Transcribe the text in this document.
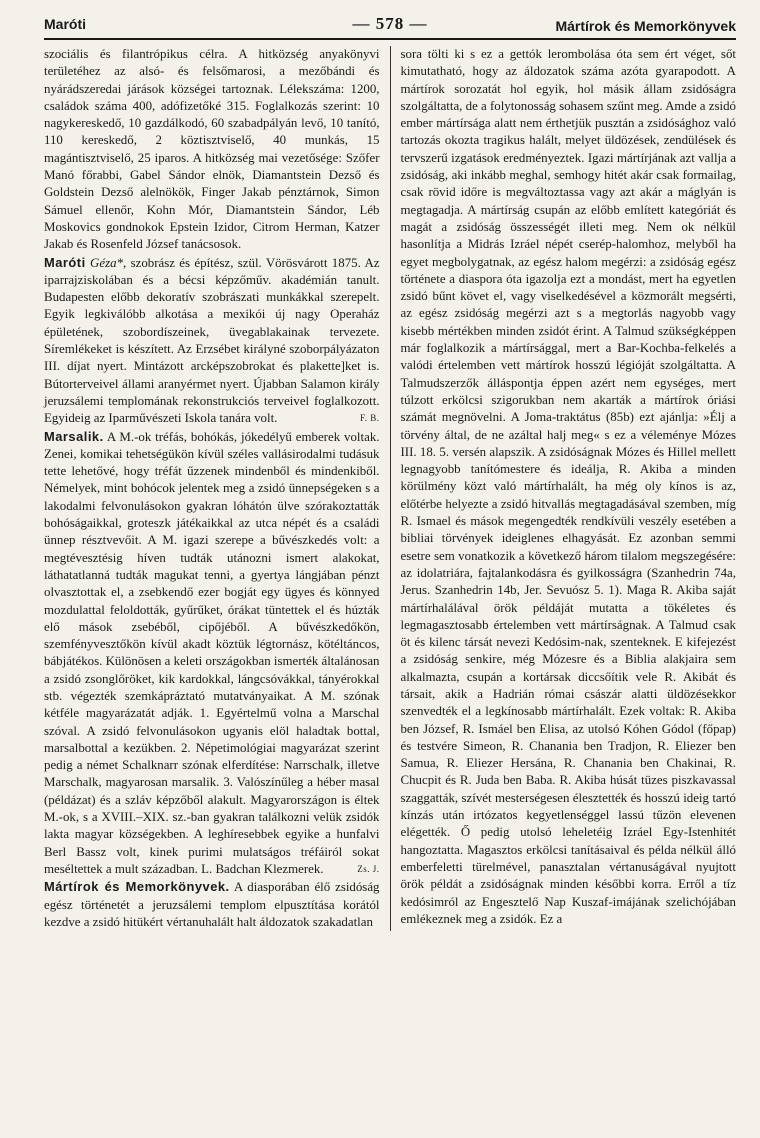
Maróti	— 578 —	Mártírok és Memorkönyvek

szociális és filantrópikus célra. A hitközség anyakönyvi területéhez az alsó- és felsőmarosi, a mezőbándi és nyárádszeredai járások községei tartoznak. Lélekszáma: 1200, családok száma 400, adófizetőké 315. Foglalkozás szerint: 10 nagykereskedő, 10 gazdálkodó, 60 szabadpályán levő, 10 tanító, 110 kereskedő, 2 köztisztviselő, 40 munkás, 15 magántisztviselő, 25 iparos. A hitközség mai vezetősége: Szőfer Manó főrabbi, Gabel Sándor elnök, Diamantstein Dezső és Goldstein Dezső alelnökök, Finger Jakab pénztárnok, Simon Sámuel ellenőr, Kohn Mór, Diamantstein Sándor, Léb Moskovics gondnokok Epstein Izidor, Citrom Herman, Katzer Jakab és Rosenfeld József tanácsosok.

Maróti Géza*, szobrász és építész, szül. Vörösvárott 1875. Az iparrajziskolában és a bécsi képzőműv. akadémián tanult. Budapesten előbb dekoratív szobrászati munkákkal szerepelt. Egyik legkiválóbb alkotása a mexikói új nagy Operaház épületének, szobordíszeinek, üvegablakainak tervezete. Síremlékeket is készített. Az Erzsébet királyné szoborpályázaton III. díjat nyert. Mintázott arcképszobrokat és plakette]ket is. Bútorterveivel állami aranyérmet nyert. Újabban Salamon király jeruzsálemi templomának rekonstrukciós terveivel foglalkozott. Egyideig az Iparművészeti Iskola tanára volt.	F. B.

Marsalik. A M.-ok tréfás, bohókás, jókedélyű emberek voltak. Zenei, komikai tehetségükön kívül széles vallásirodalmi tudásuk tette lehetővé, hogy tréfát űzzenek mindenből és mindenkiből. Némelyek, mint bohócok jelentek meg a zsidó ünnepségeken s a lakodalmi felvonulásokon gyakran lóhátón ülve szórakoztatták bohóságaikkal, groteszk játékaikkal az utca népét és a családi ünnep résztvevőit. A M. igazi szerepe a bűvészkedés volt: a megtévesztésig híven tudták utánozni ismert alakokat, láthatatlanná tudták magukat tenni, a gyertya lángjában pénzt olvasztottak el, a zsebkendő ezer bogját egy ügyes és könnyed mozdulattal feloldották, gyűrűket, órákat tüntettek el és húzták elő mások zsebéből, cipőjéből. A bűvészkedőkön, szemfényvesztőkön kívül akadt köztük légtornász, kötéltáncos, bábjátékos. Különösen a keleti országokban ismerték általánosan a zsidó zsonglőröket, kik kardokkal, lángcsóvákkal, tányérokkal stb. végezték szemkápráztató mutatványaikat. A M. szónak kétféle magyarázatát adják. 1. Egyértelmű volna a Marschal szóval. A zsidó felvonulásokon ugyanis elöl haladtak bottal, marsalbottal a kezükben. 2. Népetimológiai magyarázat szerint pedig a német Schalknarr szónak elferdítése: Narrschalk, illetve Marschalk, magyarosan marsalik. 3. Valószínűleg a héber masal (példázat) és a szláv képzőből alakult. Magyarországon is éltek M.-ok, s a XVIII.–XIX. sz.-ban gyakran találkozni velük zsidók lakta magyar községekben. A leghíresebbek egyike a hunfalvi Berl Bassz volt, kinek purimi mulatságos tréfáiról sokat meséltettek a mult században. L. Badchan Klezmerek.	Zs. J.

Mártírok és Memorkönyvek. A diasporában élő zsidóság egész történetét a jeruzsálemi templom elpusztítása korától kezdve a zsidó hitükért vértanuhalált halt áldozatok szakadatlan

sora tölti ki s ez a gettók lerombolása óta sem ért véget, sőt kimutatható, hogy az áldozatok száma azóta gyarapodott. A mártírok sorozatát hol egyik, hol másik állam zsidóságra szolgáltatta, de a folytonosság sohasem szűnt meg. Amde a zsidó ember mártírsága alatt nem érthetjük pusztán a zsidósághoz való tartozás okozta tragikus halált, melyet üldözések, zendülések és tervszerű izgatások eredményeztek. Igazi mártírjának azt vallja a zsidóság, aki inkább meghal, semhogy hitét akár csak formailag, csak rövid időre is megváltoztassa vagy azt akár a máglyán is megtagadja. A mártírság csupán az előbb említett kategóriát és magát a zsidóság összességét illeti meg. Nem ok nélkül hasonlítja a Midrás Izráel népét cserép-halomhoz, melyből ha egyet megbolygatnak, az egész halom megérzi: a zsidóság egész története a diaspora óta igazolja ezt a mondást, mert ha egyetlen zsidó bűnt követ el, vagy viselkedésével a közmorált megsérti, az egész zsidóság megérzi azt s a megtorlás nagyobb vagy kisebb mértékben minden zsidót érint. A Talmud szükségképpen már foglalkozik a mártírsággal, mert a Bar-Kochba-felkelés a valódi értelemben vett mártírok hosszú légióját szolgáltatta. A Talmudszerzők álláspontja éppen azért nem egységes, mert túlzott erkölcsi szigorukban nem akarták a mártírok óriási számát megnövelni. A Joma-traktátus (85b) ezt ajánlja: »Élj a törvény által, de ne azáltal halj meg« s ez a véleménye Mózes III. 18. 5. versén alapszik. A zsidóságnak Mózes és Hillel mellett legnagyobb tanítómestere és ideálja, R. Akiba a minden körülmény közt való mártírhalált, ha még oly kínos is az, előtérbe helyezte a zsidó hitvallás megtagadásával szemben, míg R. Ismael és mások megengedték rendkívüli veszély esetében a bibliai törvények ideiglenes elhagyását. Ez azonban semmi esetre sem vonatkozik a következő három tilalom megszegésére: az idolatriára, fajtalankodásra és gyilkosságra (Szanhedrin 74a, Jerus. Szanhedrin 14b, Jer. Sevuósz 5. 1). Maga R. Akiba saját mártírhalálával örök példáját mutatta a tökéletes és legmagasztosabb értelemben vett mártírságnak. A Talmud csak öt és kilenc társát nevezi Kedósim-nak, szenteknek. E kifejezést a zsidóság senkire, még Mózesre és a Biblia alakjaira sem alkalmazta, csupán a kortársak diccsőítik vele R. Akibát és társait, akik a Hadrián római császár alatti üldözésekkor szenvedték el a legkínosabb mártírhalált. Ezek voltak: R. Akiba ben József, R. Ismáel ben Elisa, az utolsó Kóhen Gódol (főpap) és testvére Simeon, R. Chanania ben Tradjon, R. Eliezer ben Samua, R. Eliezer Hersána, R. Chanania ben Chakinai, R. Chucpit és R. Juda ben Baba. R. Akiba húsát tüzes piszkavassal szaggatták, szívét mesterségesen élesztették és hosszú ideig tartó kínzás után irtózatos kegyetlenséggel lassú tűzön elevenen elégették. Ő pedig utolsó leheletéig Izráel Egy-Istenhitét hangoztatta. Magasztos erkölcsi tanításaival és példa nélkül álló emberfeletti türelmével, panasztalan vértanuságával nyujtott örök példát a zsidóságnak minden későbbi korra. Erről a tíz kedósimról az Engesztelő Nap Kuszaf-imájának szelichójában emlékeznek meg a zsidók. Ez a
